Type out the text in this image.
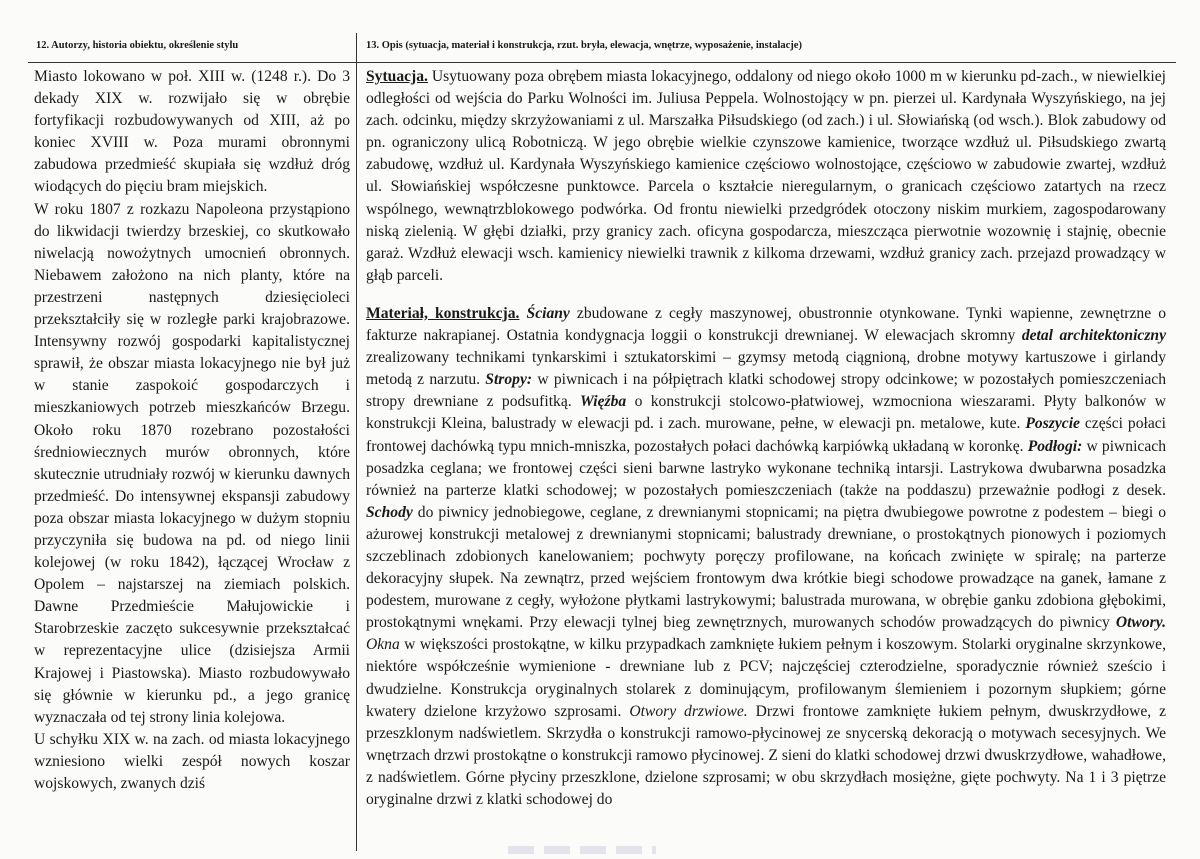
12. Autorzy, historia obiektu, określenie stylu	13. Opis (sytuacja, materiał i konstrukcja, rzut. bryła, elewacja, wnętrze, wyposażenie, instalacje)

Miasto lokowano w poł. XIII w. (1248 r.). Do 3 dekady XIX w. rozwijało się w obrębie fortyfikacji rozbudowywanych od XIII, aż po koniec XVIII w. Poza murami obronnymi zabudowa przedmieść skupiała się wzdłuż dróg wiodących do pięciu bram miejskich.

W roku 1807 z rozkazu Napoleona przystąpiono do likwidacji twierdzy brzeskiej, co skutkowało niwelacją nowożytnych umocnień obronnych. Niebawem założono na nich planty, które na przestrzeni następnych dziesięcioleci przekształciły się w rozległe parki krajobrazowe. Intensywny rozwój gospodarki kapitalistycznej sprawił, że obszar miasta lokacyjnego nie był już w stanie zaspokoić gospodarczych i mieszkaniowych potrzeb mieszkańców Brzegu. Około roku 1870 rozebrano pozostałości średniowiecznych murów obronnych, które skutecznie utrudniały rozwój w kierunku dawnych przedmieść. Do intensywnej ekspansji zabudowy poza obszar miasta lokacyjnego w dużym stopniu przyczyniła się budowa na pd. od niego linii kolejowej (w roku 1842), łączącej Wrocław z Opolem – najstarszej na ziemiach polskich. Dawne Przedmieście Małujowickie i Starobrzeskie zaczęto sukcesywnie przekształcać w reprezentacyjne ulice (dzisiejsza Armii Krajowej i Piastowska). Miasto rozbudowywało się głównie w kierunku pd., a jego granicę wyznaczała od tej strony linia kolejowa.

U schyłku XIX w. na zach. od miasta lokacyjnego wzniesiono wielki zespół nowych koszar wojskowych, zwanych dziś

Sytuacja. Usytuowany poza obrębem miasta lokacyjnego, oddalony od niego około 1000 m w kierunku pd-zach., w niewielkiej odległości od wejścia do Parku Wolności im. Juliusa Peppela. Wolnostojący w pn. pierzei ul. Kardynała Wyszyńskiego, na jej zach. odcinku, między skrzyżowaniami z ul. Marszałka Piłsudskiego (od zach.) i ul. Słowiańską (od wsch.). Blok zabudowy od pn. ograniczony ulicą Robotniczą. W jego obrębie wielkie czynszowe kamienice, tworzące wzdłuż ul. Piłsudskiego zwartą zabudowę, wzdłuż ul. Kardynała Wyszyńskiego kamienice częściowo wolnostojące, częściowo w zabudowie zwartej, wzdłuż ul. Słowiańskiej współczesne punktowce. Parcela o kształcie nieregularnym, o granicach częściowo zatartych na rzecz wspólnego, wewnątrzblokowego podwórka. Od frontu niewielki przedgródek otoczony niskim murkiem, zagospodarowany niską zielenią. W głębi działki, przy granicy zach. oficyna gospodarcza, mieszcząca pierwotnie wozownię i stajnię, obecnie garaż. Wzdłuż elewacji wsch. kamienicy niewielki trawnik z kilkoma drzewami, wzdłuż granicy zach. przejazd prowadzący w głąb parceli.

Materiał, konstrukcja. Ściany zbudowane z cegły maszynowej, obustronnie otynkowane. Tynki wapienne, zewnętrzne o fakturze nakrapianej. Ostatnia kondygnacja loggii o konstrukcji drewnianej. W elewacjach skromny detal architektoniczny zrealizowany technikami tynkarskimi i sztukatorskimi – gzymsy metodą ciągnioną, drobne motywy kartuszowe i girlandy metodą z narzutu. Stropy: w piwnicach i na półpiętrach klatki schodowej stropy odcinkowe; w pozostałych pomieszczeniach stropy drewniane z podsufitką. Więźba o konstrukcji stolcowo-płatwiowej, wzmocniona wieszarami. Płyty balkonów w konstrukcji Kleina, balustrady w elewacji pd. i zach. murowane, pełne, w elewacji pn. metalowe, kute. Poszycie części połaci frontowej dachówką typu mnich-mniszka, pozostałych połaci dachówką karpiówką układaną w koronkę. Podłogi: w piwnicach posadzka ceglana; we frontowej części sieni barwne lastryko wykonane techniką intarsji. Lastrykowa dwubarwna posadzka również na parterze klatki schodowej; w pozostałych pomieszczeniach (także na poddaszu) przeważnie podłogi z desek. Schody do piwnicy jednobiegowe, ceglane, z drewnianymi stopnicami; na piętra dwubiegowe powrotne z podestem – biegi o ażurowej konstrukcji metalowej z drewnianymi stopnicami; balustrady drewniane, o prostokątnych pionowych i poziomych szczeblinach zdobionych kanelowaniem; pochwyty poręczy profilowane, na końcach zwinięte w spiralę; na parterze dekoracyjny słupek. Na zewnątrz, przed wejściem frontowym dwa krótkie biegi schodowe prowadzące na ganek, łamane z podestem, murowane z cegły, wyłożone płytkami lastrykowymi; balustrada murowana, w obrębie ganku zdobiona głębokimi, prostokątnymi wnękami. Przy elewacji tylnej bieg zewnętrznych, murowanych schodów prowadzących do piwnicy Otwory. Okna w większości prostokątne, w kilku przypadkach zamknięte łukiem pełnym i koszowym. Stolarki oryginalne skrzynkowe, niektóre współcześnie wymienione - drewniane lub z PCV; najczęściej czterodzielne, sporadycznie również sześcio i dwudzielne. Konstrukcja oryginalnych stolarek z dominującym, profilowanym ślemieniem i pozornym słupkiem; górne kwatery dzielone krzyżowo szprosami. Otwory drzwiowe. Drzwi frontowe zamknięte łukiem pełnym, dwuskrzydłowe, z przeszklonym nadświetlem. Skrzydła o konstrukcji ramowo-płycinowej ze snycerską dekoracją o motywach secesyjnych. We wnętrzach drzwi prostokątne o konstrukcji ramowo płycinowej. Z sieni do klatki schodowej drzwi dwuskrzydłowe, wahadłowe, z nadświetlem. Górne płyciny przeszklone, dzielone szprosami; w obu skrzydłach mosiężne, gięte pochwyty. Na 1 i 3 piętrze oryginalne drzwi z klatki schodowej do
